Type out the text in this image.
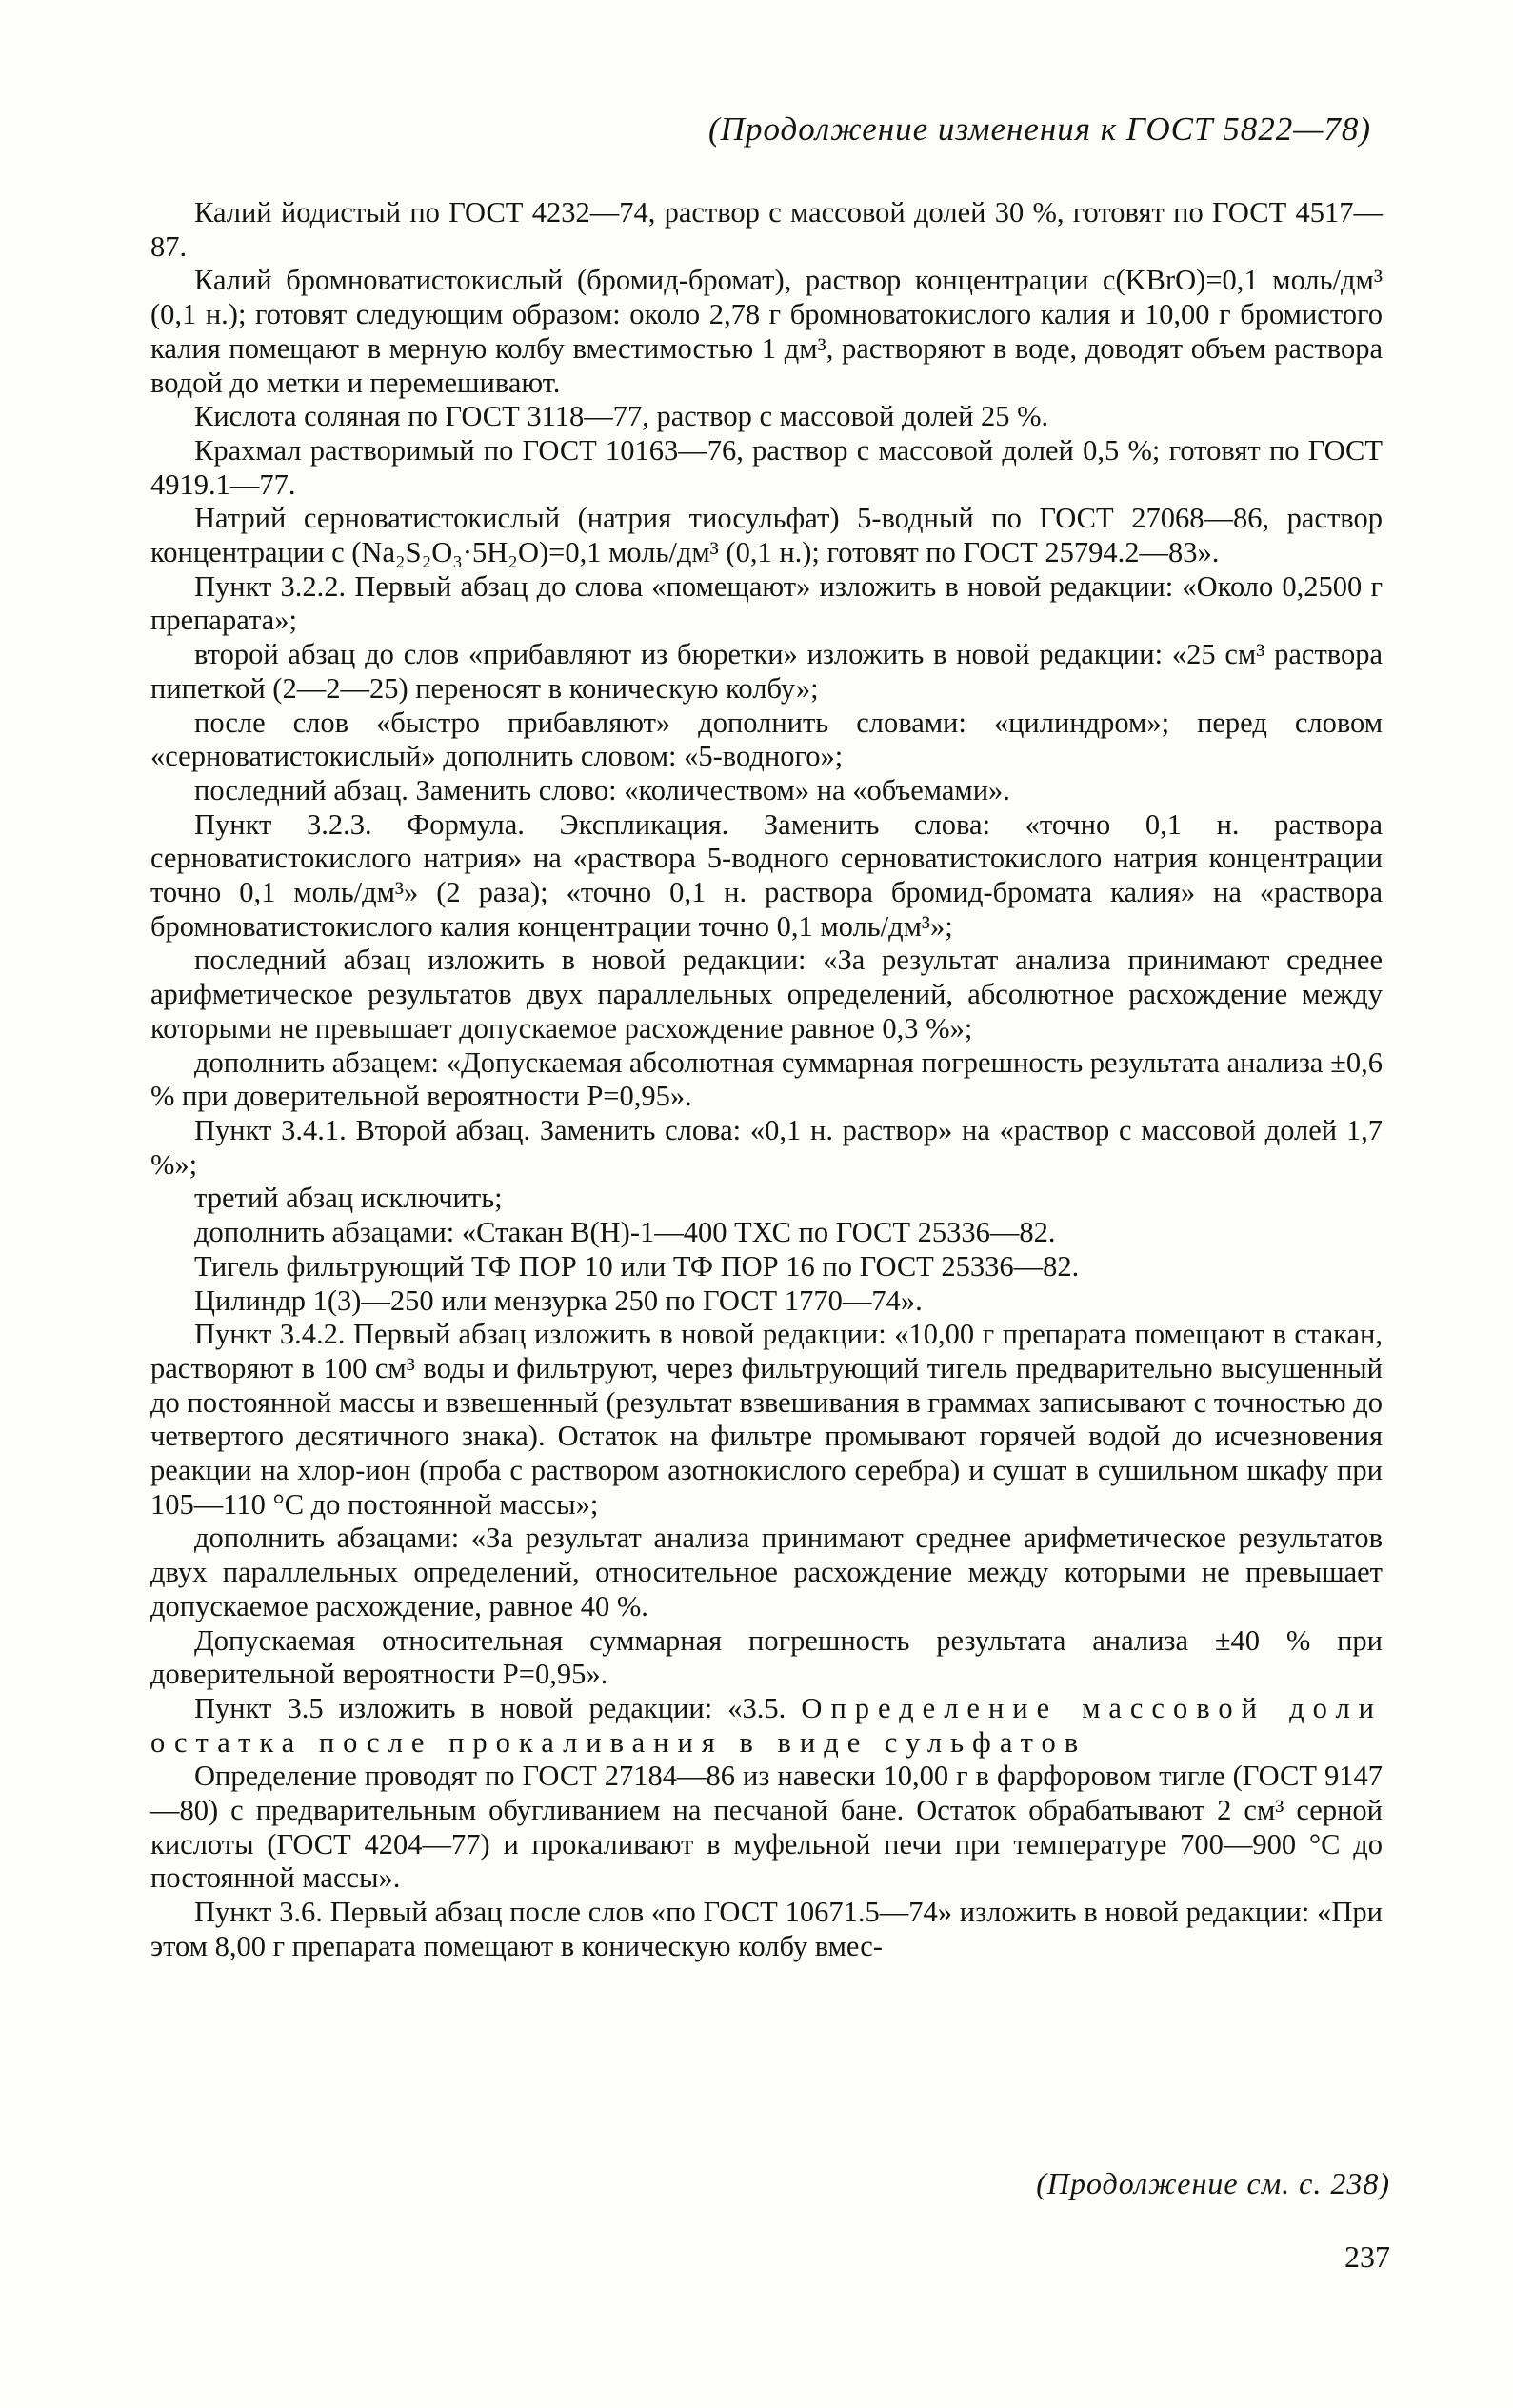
(Продолжение изменения к ГОСТ 5822—78)

Калий йодистый по ГОСТ 4232—74, раствор с массовой долей 30 %, готовят по ГОСТ 4517—87.

Калий бромноватистокислый (бромид-бромат), раствор концентрации c(KBrO)=0,1 моль/дм³ (0,1 н.); готовят следующим образом: около 2,78 г бромноватокислого калия и 10,00 г бромистого калия помещают в мерную колбу вместимостью 1 дм³, растворяют в воде, доводят объем раствора водой до метки и перемешивают.

Кислота соляная по ГОСТ 3118—77, раствор с массовой долей 25 %.

Крахмал растворимый по ГОСТ 10163—76, раствор с массовой долей 0,5 %; готовят по ГОСТ 4919.1—77.

Натрий серноватистокислый (натрия тиосульфат) 5-водный по ГОСТ 27068—86, раствор концентрации c (Na₂S₂O₃·5H₂O)=0,1 моль/дм³ (0,1 н.); готовят по ГОСТ 25794.2—83».

Пункт 3.2.2. Первый абзац до слова «помещают» изложить в новой редакции: «Около 0,2500 г препарата»;

второй абзац до слов «прибавляют из бюретки» изложить в новой редакции: «25 см³ раствора пипеткой (2—2—25) переносят в коническую колбу»;

после слов «быстро прибавляют» дополнить словами: «цилиндром»; перед словом «серноватистокислый» дополнить словом: «5-водного»;

последний абзац. Заменить слово: «количеством» на «объемами».

Пункт 3.2.3. Формула. Экспликация. Заменить слова: «точно 0,1 н. раствора серноватистокислого натрия» на «раствора 5-водного серноватистокислого натрия концентрации точно 0,1 моль/дм³» (2 раза); «точно 0,1 н. раствора бромид-бромата калия» на «раствора бромноватистокислого калия концентрации точно 0,1 моль/дм³»;

последний абзац изложить в новой редакции: «За результат анализа принимают среднее арифметическое результатов двух параллельных определений, абсолютное расхождение между которыми не превышает допускаемое расхождение равное 0,3 %»;

дополнить абзацем: «Допускаемая абсолютная суммарная погрешность результата анализа ±0,6 % при доверительной вероятности P=0,95».

Пункт 3.4.1. Второй абзац. Заменить слова: «0,1 н. раствор» на «раствор с массовой долей 1,7 %»;

третий абзац исключить;

дополнить абзацами: «Стакан В(Н)-1—400 ТХС по ГОСТ 25336—82.

Тигель фильтрующий ТФ ПОР 10 или ТФ ПОР 16 по ГОСТ 25336—82.

Цилиндр 1(3)—250 или мензурка 250 по ГОСТ 1770—74».

Пункт 3.4.2. Первый абзац изложить в новой редакции: «10,00 г препарата помещают в стакан, растворяют в 100 см³ воды и фильтруют, через фильтрующий тигель предварительно высушенный до постоянной массы и взвешенный (результат взвешивания в граммах записывают с точностью до четвертого десятичного знака). Остаток на фильтре промывают горячей водой до исчезновения реакции на хлор-ион (проба с раствором азотнокислого серебра) и сушат в сушильном шкафу при 105—110 °С до постоянной массы»;

дополнить абзацами: «За результат анализа принимают среднее арифметическое результатов двух параллельных определений, относительное расхождение между которыми не превышает допускаемое расхождение, равное 40 %.

Допускаемая относительная суммарная погрешность результата анализа ±40 % при доверительной вероятности P=0,95».

Пункт 3.5 изложить в новой редакции: «3.5. Определение массовой доли остатка после прокаливания в виде сульфатов

Определение проводят по ГОСТ 27184—86 из навески 10,00 г в фарфоровом тигле (ГОСТ 9147—80) с предварительным обугливанием на песчаной бане. Остаток обрабатывают 2 см³ серной кислоты (ГОСТ 4204—77) и прокаливают в муфельной печи при температуре 700—900 °С до постоянной массы».

Пункт 3.6. Первый абзац после слов «по ГОСТ 10671.5—74» изложить в новой редакции: «При этом 8,00 г препарата помещают в коническую колбу вмес-

(Продолжение см. с. 238)
237
